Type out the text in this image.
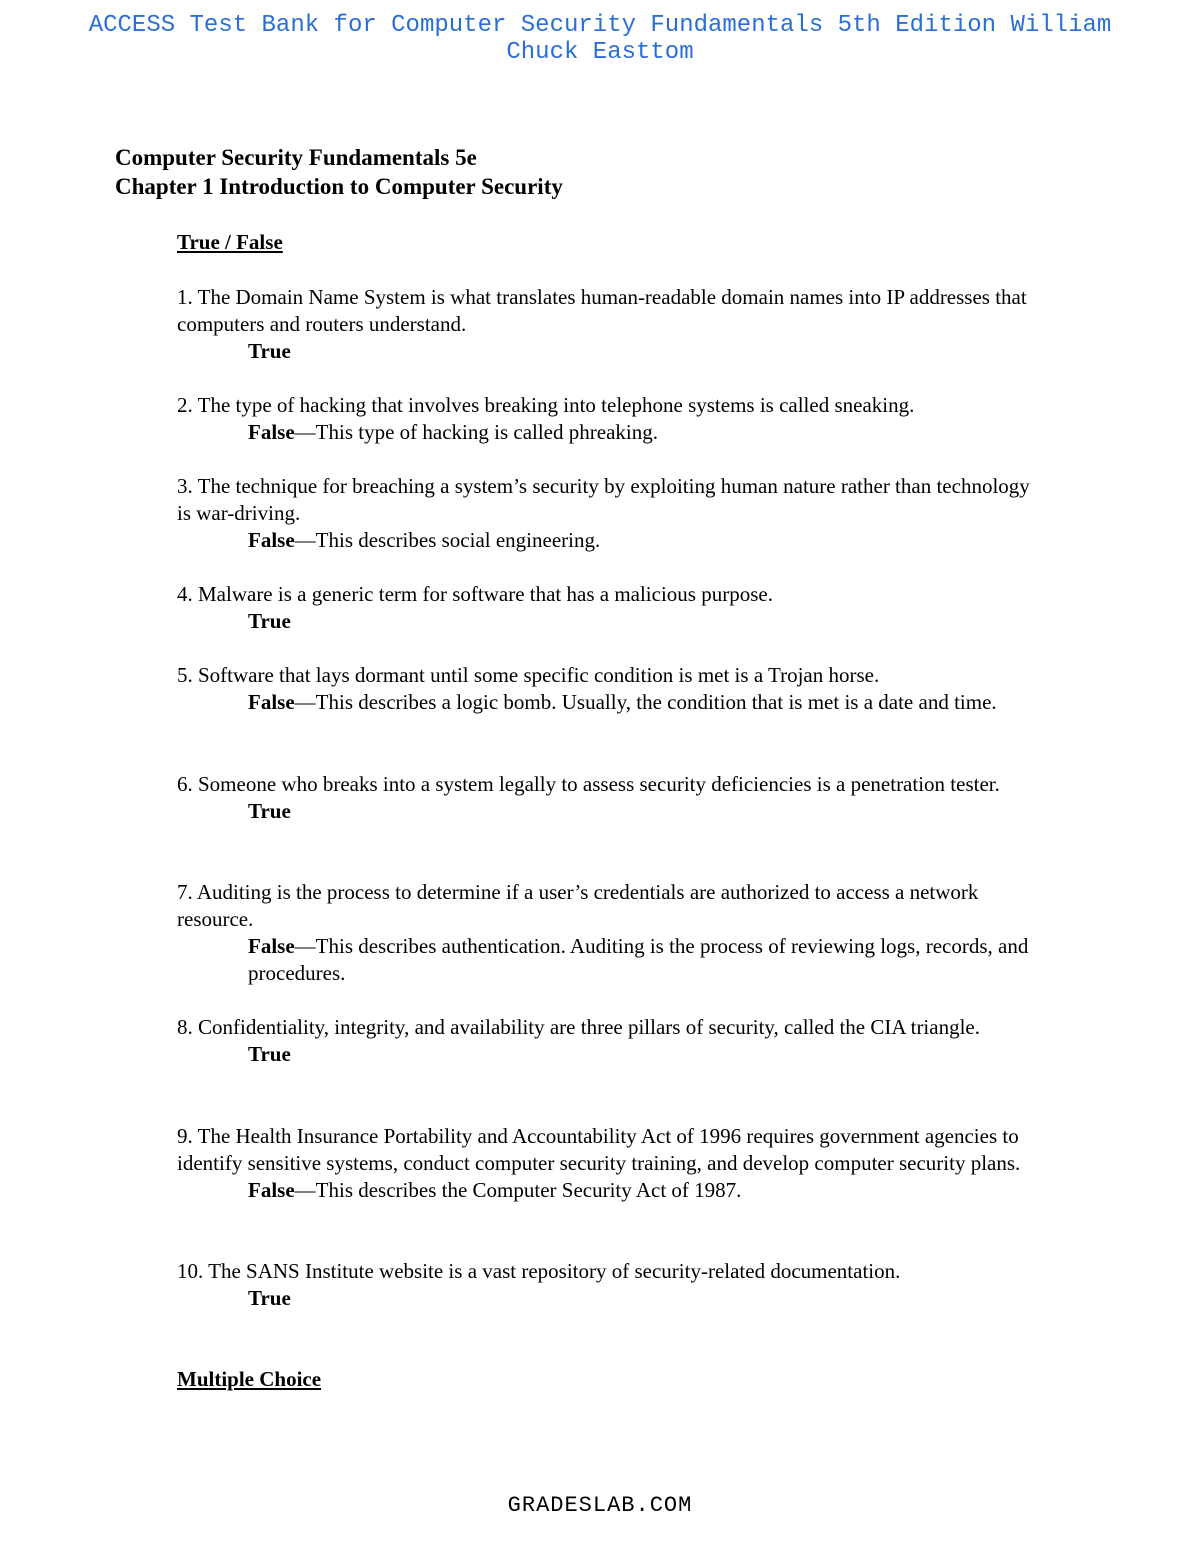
ACCESS Test Bank for Computer Security Fundamentals 5th Edition William
Chuck Easttom
Computer Security Fundamentals 5e
Chapter 1 Introduction to Computer Security
True / False
1. The Domain Name System is what translates human-readable domain names into IP addresses that computers and routers understand.
True
2. The type of hacking that involves breaking into telephone systems is called sneaking.
False—This type of hacking is called phreaking.
3. The technique for breaching a system’s security by exploiting human nature rather than technology is war-driving.
False—This describes social engineering.
4. Malware is a generic term for software that has a malicious purpose.
True
5. Software that lays dormant until some specific condition is met is a Trojan horse.
False—This describes a logic bomb. Usually, the condition that is met is a date and time.
6. Someone who breaks into a system legally to assess security deficiencies is a penetration tester.
True
7. Auditing is the process to determine if a user’s credentials are authorized to access a network resource.
False—This describes authentication. Auditing is the process of reviewing logs, records, and procedures.
8. Confidentiality, integrity, and availability are three pillars of security, called the CIA triangle.
True
9. The Health Insurance Portability and Accountability Act of 1996 requires government agencies to identify sensitive systems, conduct computer security training, and develop computer security plans.
False—This describes the Computer Security Act of 1987.
10. The SANS Institute website is a vast repository of security-related documentation.
True
Multiple Choice
GRADESLAB.COM
